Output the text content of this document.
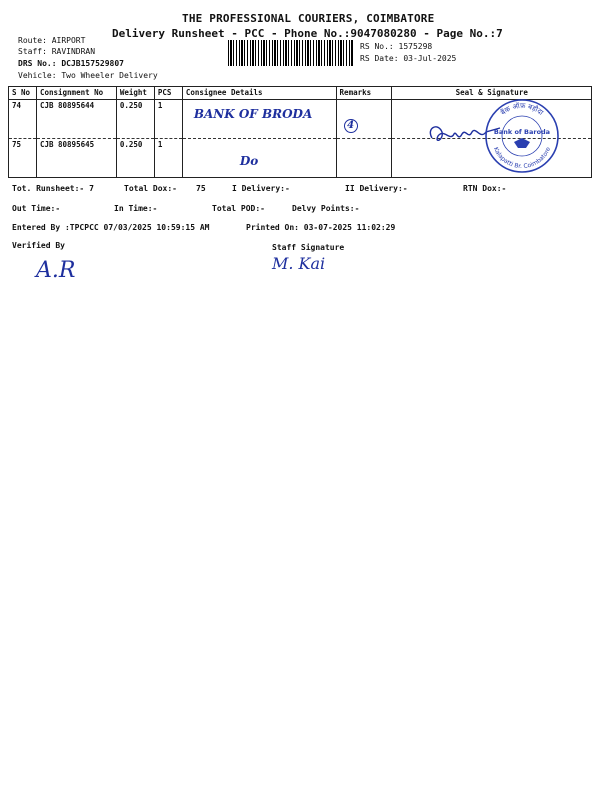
THE PROFESSIONAL COURIERS, COIMBATORE
Delivery Runsheet - PCC - Phone No.:9047080280 - Page No.:7
Route: AIRPORT
Staff: RAVINDRAN
DRS No.: DCJB157529807
Vehicle: Two Wheeler Delivery
RS No.: 1575298
RS Date: 03-Jul-2025
S No	Consignment No	Weight	PCS	Consignee Details	Remarks	Seal & Signature
74	CJB 80895644	0.250	1	BANK OF BRODA	4	
75	CJB 80895645	0.250	1	Do		
बैंक ऑफ़ बड़ौदा
Kalapatti Br. Coimbatore
Bank of Baroda
Tot. Runsheet:- 7	Total Dox:- 75	I Delivery:-	II Delivery:-	RTN Dox:-
Out Time:-	In Time:-	Total POD:-	Delvy Points:-
Entered By :TPCPCC 07/03/2025 10:59:15 AM	Printed On: 03-07-2025 11:02:29
Verified By	Staff Signature
A.R	M. Kai
